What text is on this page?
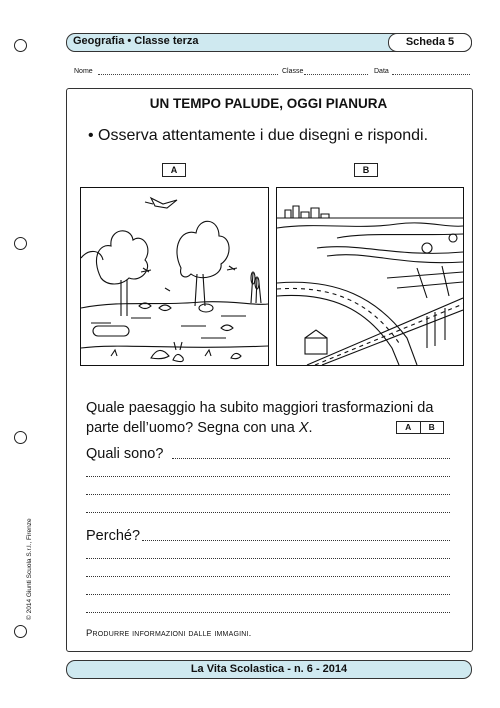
Geografia • Classe terza	Scheda 5
Nome	Classe	Data
UN TEMPO PALUDE, OGGI PIANURA
• Osserva attentamente i due disegni e rispondi.
A	B
Quale paesaggio ha subito maggiori trasformazioni da parte dell’uomo? Segna con una X.	A	B
Quali sono?
Perché?
Produrre informazioni dalle immagini.
La Vita Scolastica - n. 6 - 2014
© 2014 Giunti Scuola S.r.l., Firenze
